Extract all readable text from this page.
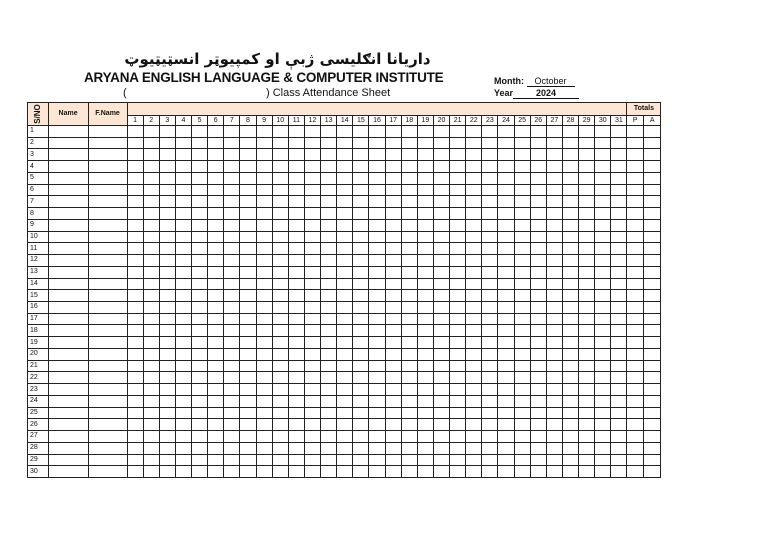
داریانا انګلیسی ژبې او کمپیوټر انسټیټیوټ
ARYANA ENGLISH LANGUAGE & COMPUTER INSTITUTE
(	) Class Attendance Sheet
Month: October
Year	2024
S/NO	Name	F.Name																																Totals	
			1	2	3	4	5	6	7	8	9	10	11	12	13	14	15	16	17	18	19	20	21	22	23	24	25	26	27	28	29	30	31	P	A
1																																			
2																																			
3																																			
4																																			
5																																			
6																																			
7																																			
8																																			
9																																			
10																																			
11																																			
12																																			
13																																			
14																																			
15																																			
16																																			
17																																			
18																																			
19																																			
20																																			
21																																			
22																																			
23																																			
24																																			
25																																			
26																																			
27																																			
28																																			
29																																			
30																																			
